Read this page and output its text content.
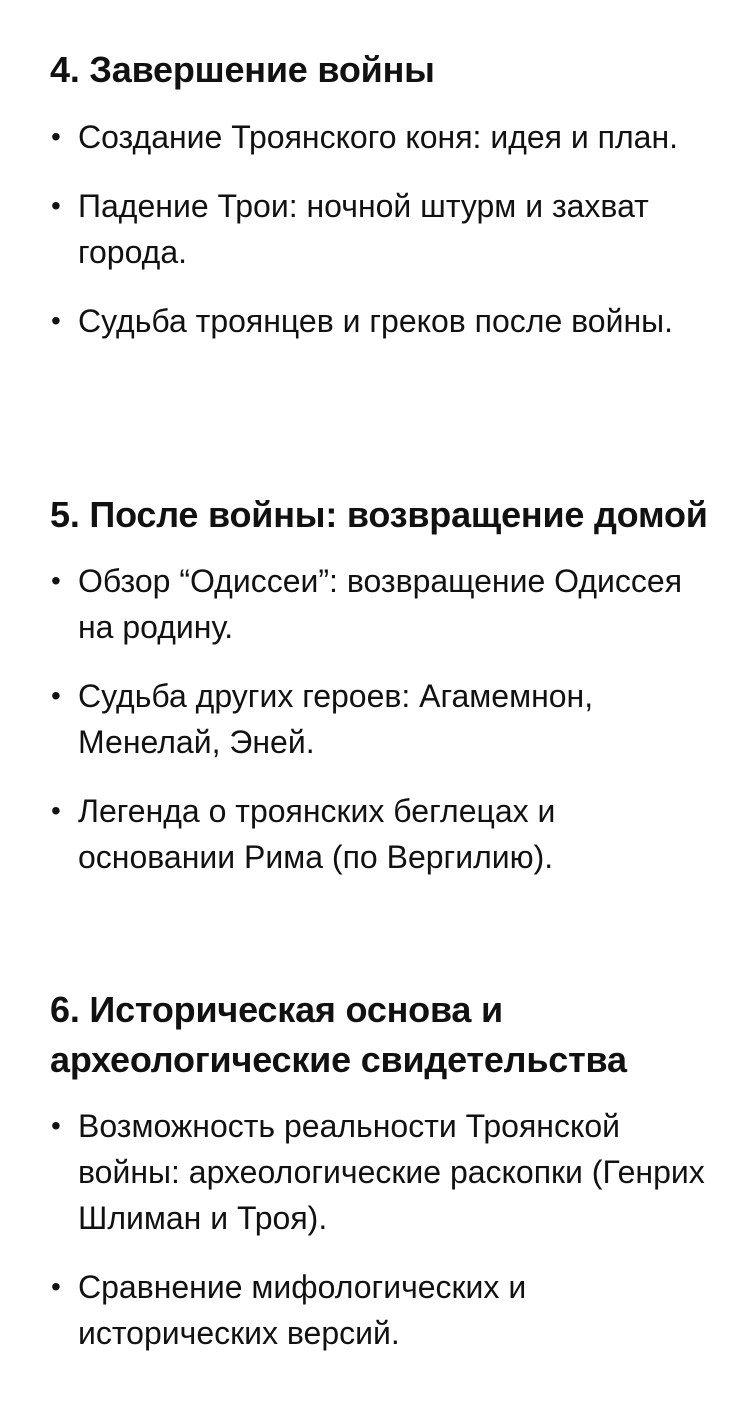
4. Завершение войны
• Создание Троянского коня: идея и план.
• Падение Трои: ночной штурм и захват города.
• Судьба троянцев и греков после войны.
5. После войны: возвращение домой
• Обзор “Одиссеи”: возвращение Одиссея на родину.
• Судьба других героев: Агамемнон, Менелай, Эней.
• Легенда о троянских беглецах и основании Рима (по Вергилию).
6. Историческая основа и археологические свидетельства
• Возможность реальности Троянской войны: археологические раскопки (Генрих Шлиман и Троя).
• Сравнение мифологических и исторических версий.
